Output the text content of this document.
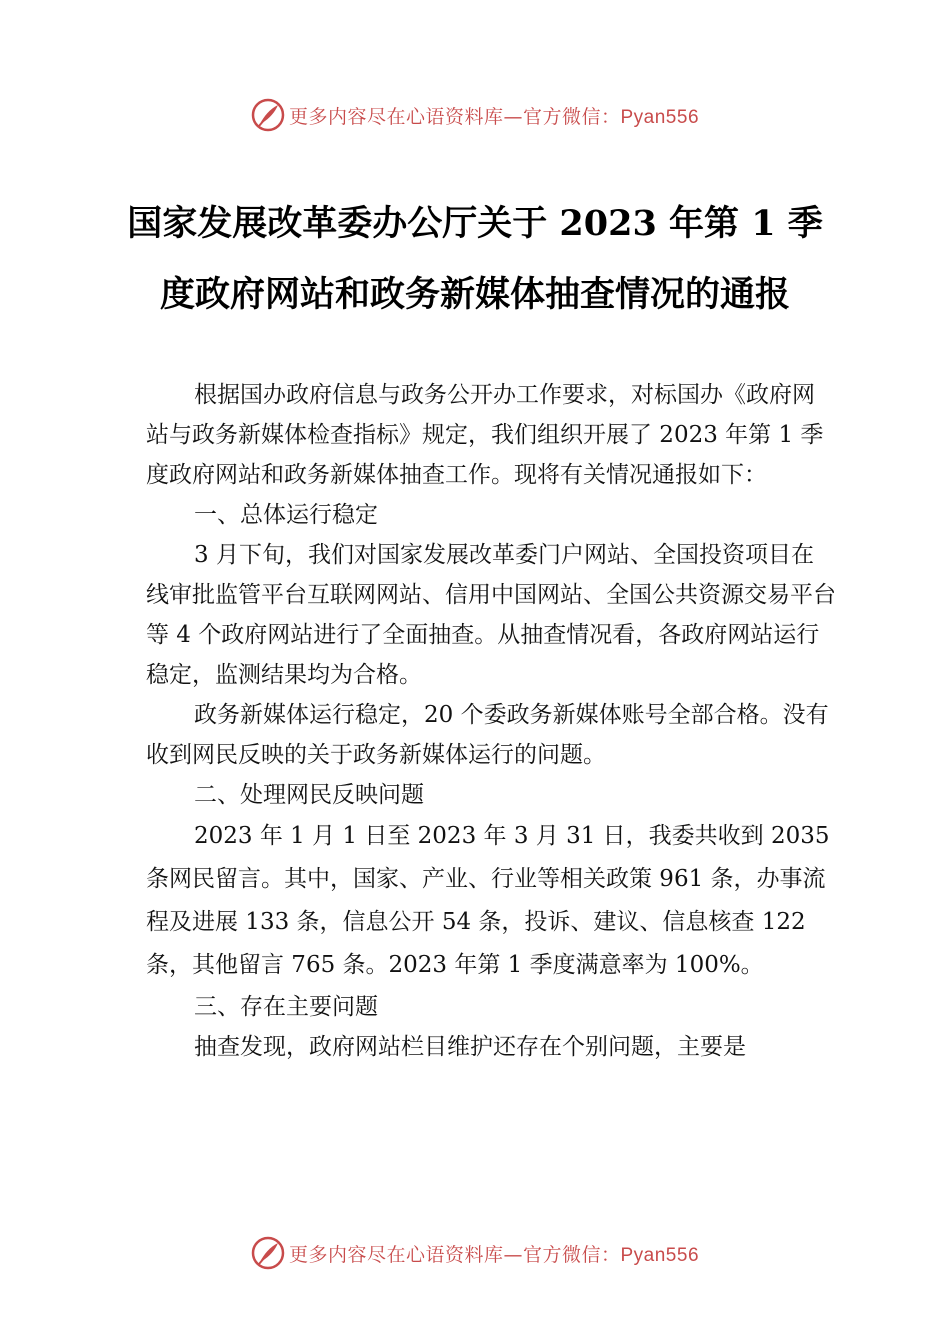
更多内容尽在心语资料库—官方微信：Pyan556
国家发展改革委办公厅关于 2023 年第 1 季
度政府网站和政务新媒体抽查情况的通报

根据国办政府信息与政务公开办工作要求，对标国办《政府网站与政务新媒体检查指标》规定，我们组织开展了 2023 年第 1 季度政府网站和政务新媒体抽查工作。现将有关情况通报如下：

一、总体运行稳定

3 月下旬，我们对国家发展改革委门户网站、全国投资项目在线审批监管平台互联网网站、信用中国网站、全国公共资源交易平台等 4 个政府网站进行了全面抽查。从抽查情况看，各政府网站运行稳定，监测结果均为合格。

政务新媒体运行稳定，20 个委政务新媒体账号全部合格。没有收到网民反映的关于政务新媒体运行的问题。

二、处理网民反映问题

2023 年 1 月 1 日至 2023 年 3 月 31 日，我委共收到 2035 条网民留言。其中，国家、产业、行业等相关政策 961 条，办事流程及进展 133 条，信息公开 54 条，投诉、建议、信息核查 122 条，其他留言 765 条。2023 年第 1 季度满意率为 100%。

三、存在主要问题

抽查发现，政府网站栏目维护还存在个别问题，主要是

更多内容尽在心语资料库—官方微信：Pyan556
